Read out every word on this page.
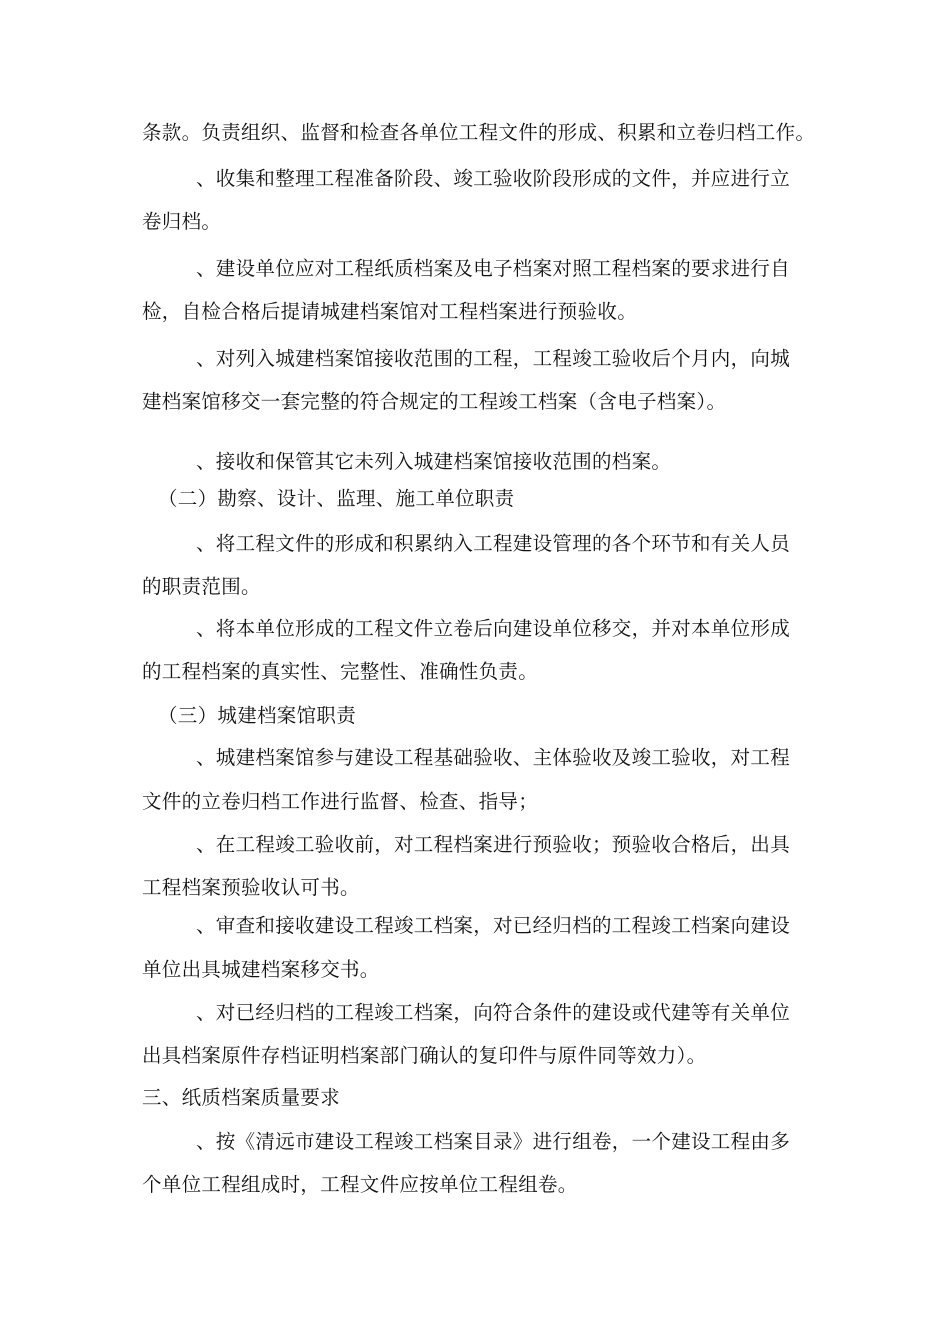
条款。负责组织、监督和检查各单位工程文件的形成、积累和立卷归档工作。
、收集和整理工程准备阶段、竣工验收阶段形成的文件，并应进行立
卷归档。
、建设单位应对工程纸质档案及电子档案对照工程档案的要求进行自
检，自检合格后提请城建档案馆对工程档案进行预验收。
、对列入城建档案馆接收范围的工程，工程竣工验收后个月内，向城
建档案馆移交一套完整的符合规定的工程竣工档案（含电子档案）。
、接收和保管其它未列入城建档案馆接收范围的档案。
（二）勘察、设计、监理、施工单位职责
、将工程文件的形成和积累纳入工程建设管理的各个环节和有关人员
的职责范围。
、将本单位形成的工程文件立卷后向建设单位移交，并对本单位形成
的工程档案的真实性、完整性、准确性负责。
（三）城建档案馆职责
、城建档案馆参与建设工程基础验收、主体验收及竣工验收，对工程
文件的立卷归档工作进行监督、检查、指导；
、在工程竣工验收前，对工程档案进行预验收；预验收合格后，出具
工程档案预验收认可书。
、审查和接收建设工程竣工档案，对已经归档的工程竣工档案向建设
单位出具城建档案移交书。
、对已经归档的工程竣工档案，向符合条件的建设或代建等有关单位
出具档案原件存档证明档案部门确认的复印件与原件同等效力）。
三、纸质档案质量要求
、按《清远市建设工程竣工档案目录》进行组卷，一个建设工程由多
个单位工程组成时，工程文件应按单位工程组卷。
